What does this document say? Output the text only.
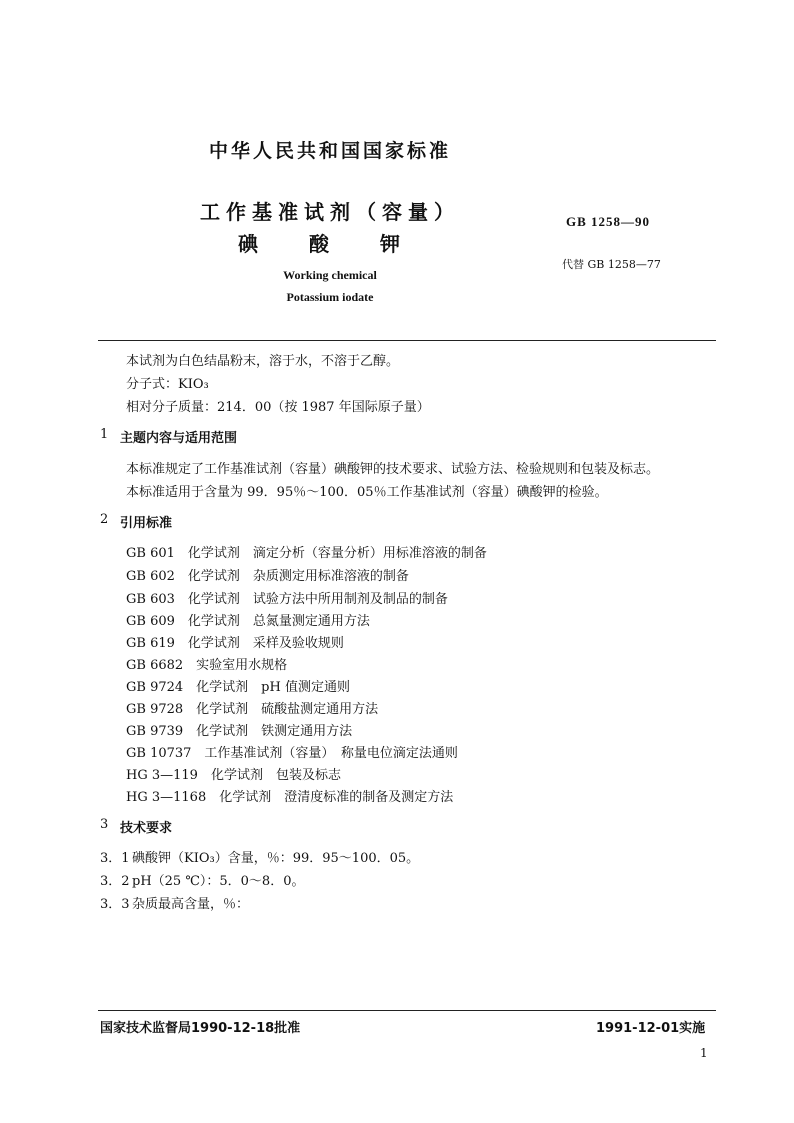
中华人民共和国国家标准
工作基准试剂（容量）
碘 酸 钾
Working chemical
Potassium iodate
GB 1258—90
代替 GB 1258—77
本试剂为白色结晶粉末，溶于水，不溶于乙醇。
分子式：KIO₃
相对分子质量：214．00（按 1987 年国际原子量）
1 主题内容与适用范围
本标准规定了工作基准试剂（容量）碘酸钾的技术要求、试验方法、检验规则和包装及标志。
本标准适用于含量为 99．95％～100．05％工作基准试剂（容量）碘酸钾的检验。
2 引用标准
GB 601　化学试剂　滴定分析（容量分析）用标准溶液的制备
GB 602　化学试剂　杂质测定用标准溶液的制备
GB 603　化学试剂　试验方法中所用制剂及制品的制备
GB 609　化学试剂　总氮量测定通用方法
GB 619　化学试剂　采样及验收规则
GB 6682　实验室用水规格
GB 9724　化学试剂　pH 值测定通则
GB 9728　化学试剂　硫酸盐测定通用方法
GB 9739　化学试剂　铁测定通用方法
GB 10737　工作基准试剂（容量）　称量电位滴定法通则
HG 3—119　化学试剂　包装及标志
HG 3—1168　化学试剂　澄清度标准的制备及测定方法
3 技术要求
3．1 碘酸钾（KIO₃）含量，％：99．95～100．05。
3．2 pH（25 ℃）：5．0～8．0。
3．3 杂质最高含量，％：
国家技术监督局1990-12-18批准	1991-12-01实施
1
